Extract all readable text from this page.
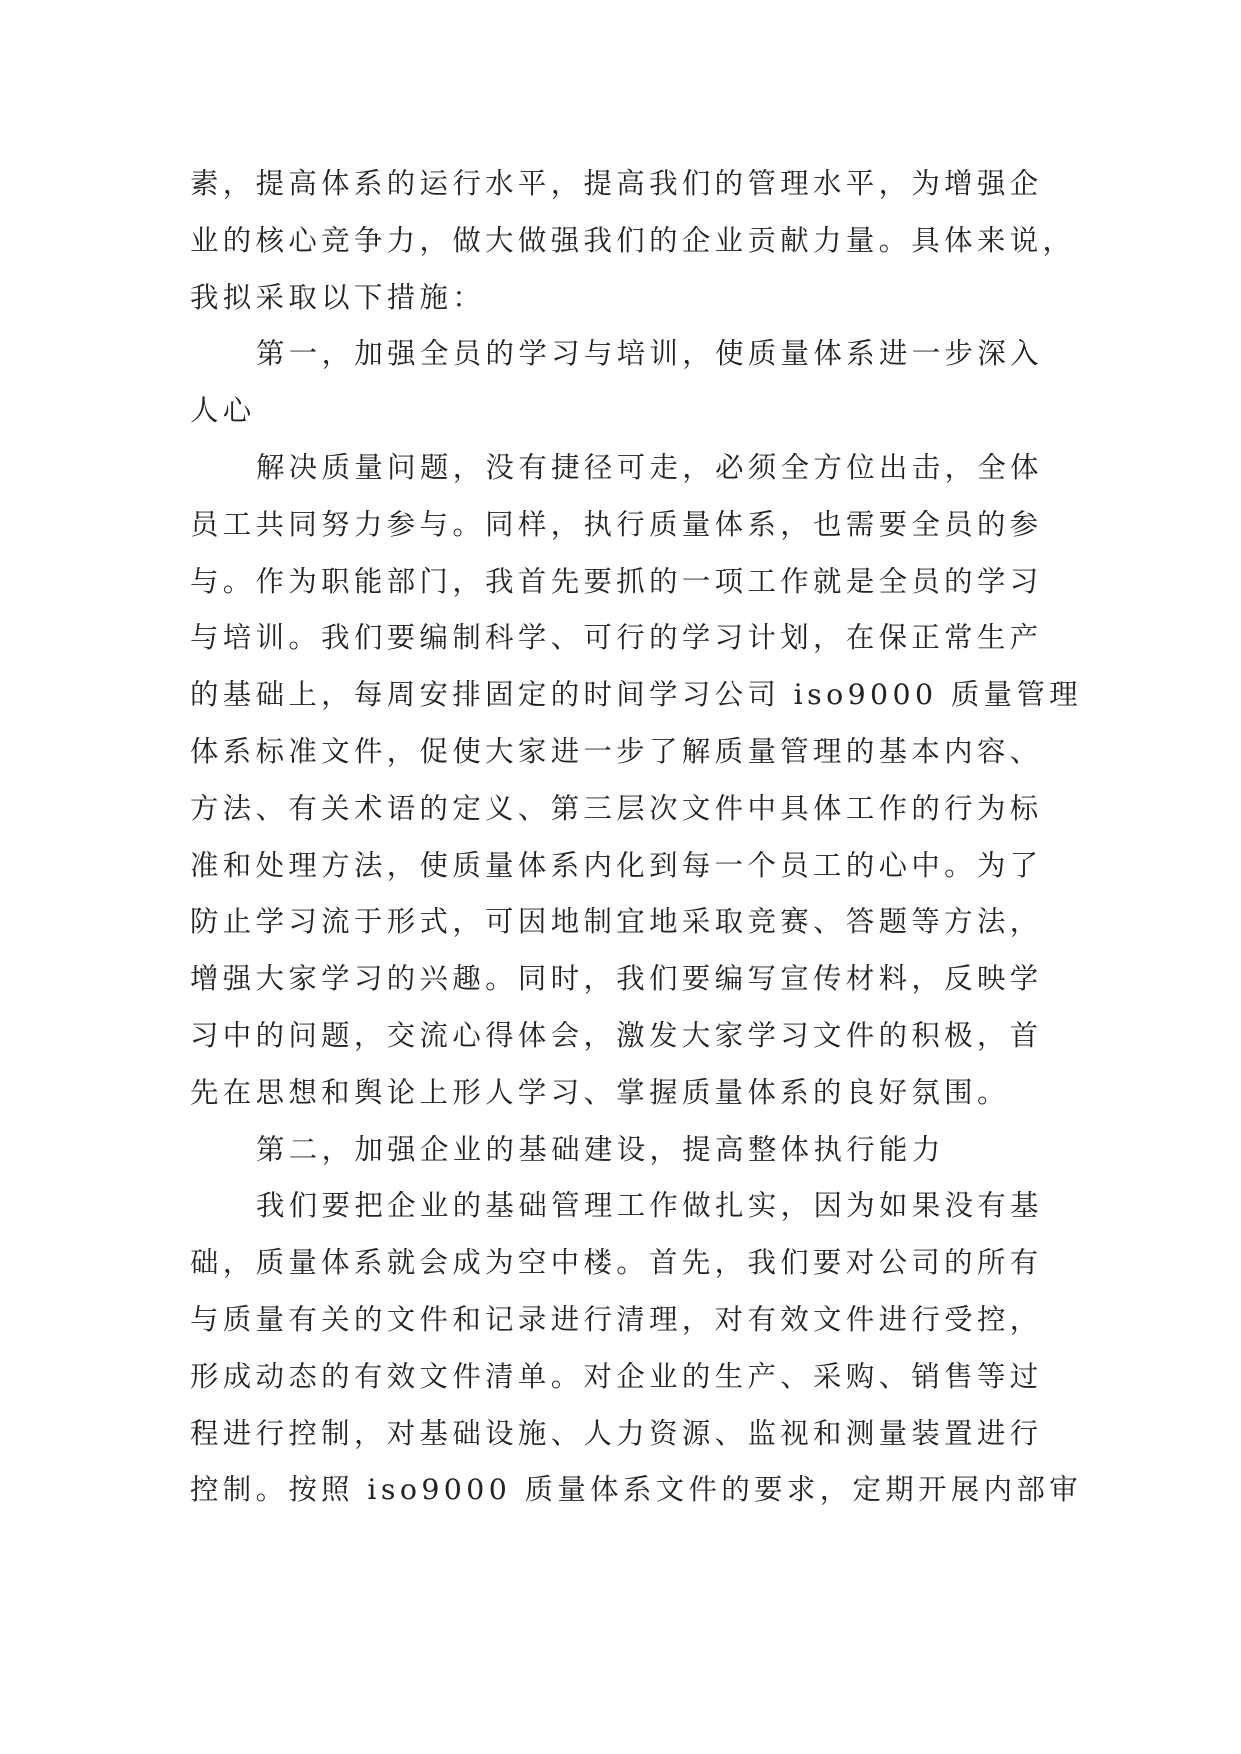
素，提高体系的运行水平，提高我们的管理水平，为增强企
业的核心竞争力，做大做强我们的企业贡献力量。具体来说，
我拟采取以下措施：
第一，加强全员的学习与培训，使质量体系进一步深入
人心
解决质量问题，没有捷径可走，必须全方位出击，全体
员工共同努力参与。同样，执行质量体系，也需要全员的参
与。作为职能部门，我首先要抓的一项工作就是全员的学习
与培训。我们要编制科学、可行的学习计划，在保正常生产
的基础上，每周安排固定的时间学习公司 iso9000 质量管理
体系标准文件，促使大家进一步了解质量管理的基本内容、
方法、有关术语的定义、第三层次文件中具体工作的行为标
准和处理方法，使质量体系内化到每一个员工的心中。为了
防止学习流于形式，可因地制宜地采取竞赛、答题等方法，
增强大家学习的兴趣。同时，我们要编写宣传材料，反映学
习中的问题，交流心得体会，激发大家学习文件的积极，首
先在思想和舆论上形人学习、掌握质量体系的良好氛围。
第二，加强企业的基础建设，提高整体执行能力
我们要把企业的基础管理工作做扎实，因为如果没有基
础，质量体系就会成为空中楼。首先，我们要对公司的所有
与质量有关的文件和记录进行清理，对有效文件进行受控，
形成动态的有效文件清单。对企业的生产、采购、销售等过
程进行控制，对基础设施、人力资源、监视和测量装置进行
控制。按照 iso9000 质量体系文件的要求，定期开展内部审
